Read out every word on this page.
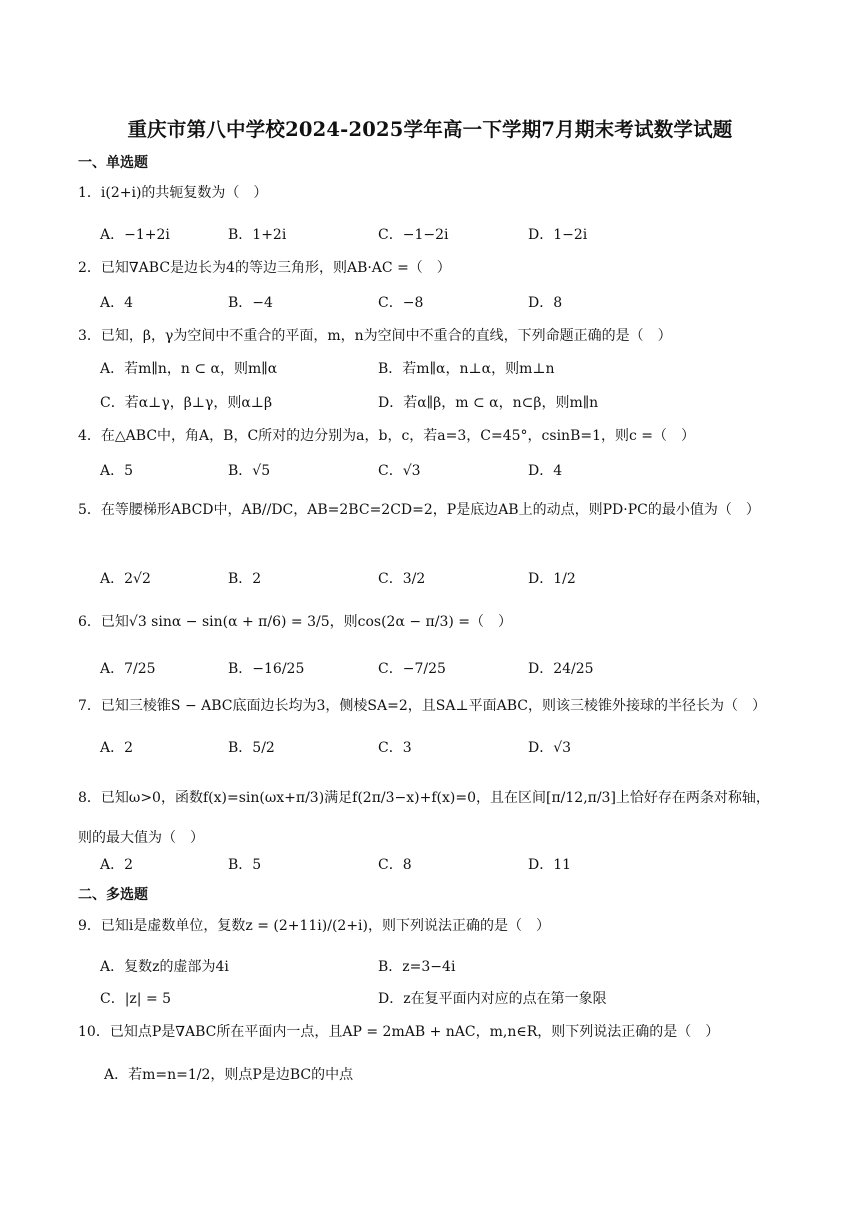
重庆市第八中学校2024-2025学年高一下学期7月期末考试数学试题
一、单选题
1．i(2+i)的共轭复数为（　）
A．−1+2i	B．1+2i	C．−1−2i	D．1−2i
2．已知∇ABC是边长为4的等边三角形，则AB·AC =（　）
A．4	B．−4	C．−8	D．8
3．已知，β，γ为空间中不重合的平面，m，n为空间中不重合的直线，下列命题正确的是（　）
A．若m∥n，n ⊂ α，则m∥α	B．若m∥α，n⊥α，则m⊥n
C．若α⊥γ，β⊥γ，则α⊥β	D．若α∥β，m ⊂ α，n⊂β，则m∥n
4．在△ABC中，角A，B，C所对的边分别为a，b，c，若a=3，C=45°，csinB=1，则c =（　）
A．5	B．√5	C．√3	D．4
5．在等腰梯形ABCD中，AB//DC，AB=2BC=2CD=2，P是底边AB上的动点，则PD·PC的最小值为（　）
A．2√2	B．2	C．3/2	D．1/2
6．已知√3 sinα − sin(α + π/6) = 3/5，则cos(2α − π/3) =（　）
A．7/25	B．−16/25	C．−7/25	D．24/25
7．已知三棱锥S − ABC底面边长均为3，侧棱SA=2，且SA⊥平面ABC，则该三棱锥外接球的半径长为（　）
A．2	B．5/2	C．3	D．√3
8．已知ω>0，函数f(x)=sin(ωx+π/3)满足f(2π/3−x)+f(x)=0，且在区间[π/12,π/3]上恰好存在两条对称轴，则的最大值为（　）
A．2	B．5	C．8	D．11
二、多选题
9．已知i是虚数单位，复数z = (2+11i)/(2+i)，则下列说法正确的是（　）
A．复数z的虚部为4i	B．z=3−4i
C．|z| = 5	D．z在复平面内对应的点在第一象限
10．已知点P是∇ABC所在平面内一点，且AP = 2mAB + nAC，m,n∈R，则下列说法正确的是（　）
A．若m=n=1/2，则点P是边BC的中点
